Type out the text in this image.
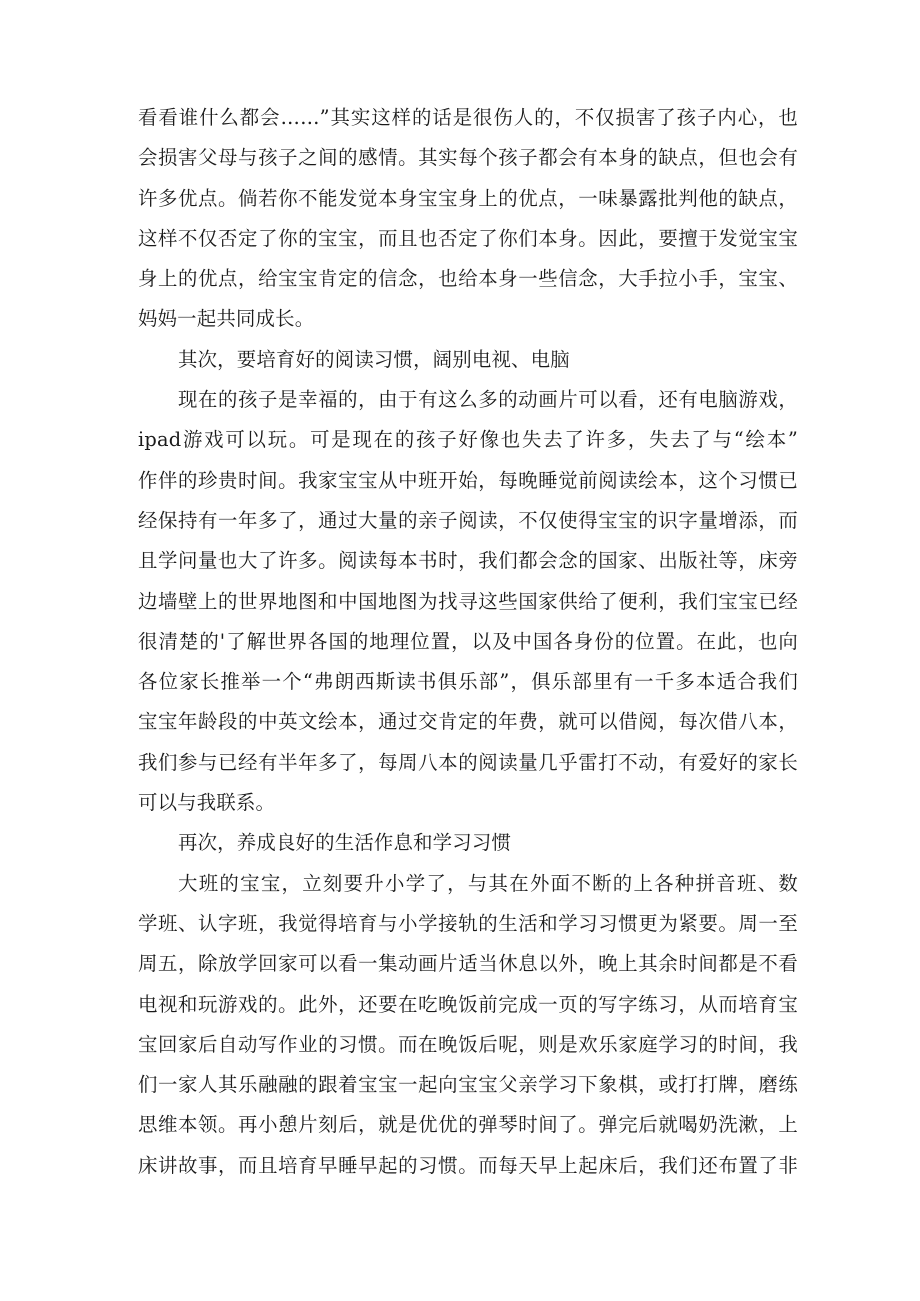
看看谁什么都会……”其实这样的话是很伤人的，不仅损害了孩子内心，也
会损害父母与孩子之间的感情。其实每个孩子都会有本身的缺点，但也会有
许多优点。倘若你不能发觉本身宝宝身上的优点，一味暴露批判他的缺点，
这样不仅否定了你的宝宝，而且也否定了你们本身。因此，要擅于发觉宝宝
身上的优点，给宝宝肯定的信念，也给本身一些信念，大手拉小手，宝宝、
妈妈一起共同成长。
其次，要培育好的阅读习惯，阔别电视、电脑
现在的孩子是幸福的，由于有这么多的动画片可以看，还有电脑游戏，
ipad游戏可以玩。可是现在的孩子好像也失去了许多，失去了与“绘本”
作伴的珍贵时间。我家宝宝从中班开始，每晚睡觉前阅读绘本，这个习惯已
经保持有一年多了，通过大量的亲子阅读，不仅使得宝宝的识字量增添，而
且学问量也大了许多。阅读每本书时，我们都会念的国家、出版社等，床旁
边墙壁上的世界地图和中国地图为找寻这些国家供给了便利，我们宝宝已经
很清楚的'了解世界各国的地理位置，以及中国各身份的位置。在此，也向
各位家长推举一个“弗朗西斯读书俱乐部”，俱乐部里有一千多本适合我们
宝宝年龄段的中英文绘本，通过交肯定的年费，就可以借阅，每次借八本，
我们参与已经有半年多了，每周八本的阅读量几乎雷打不动，有爱好的家长
可以与我联系。
再次，养成良好的生活作息和学习习惯
大班的宝宝，立刻要升小学了，与其在外面不断的上各种拼音班、数
学班、认字班，我觉得培育与小学接轨的生活和学习习惯更为紧要。周一至
周五，除放学回家可以看一集动画片适当休息以外，晚上其余时间都是不看
电视和玩游戏的。此外，还要在吃晚饭前完成一页的写字练习，从而培育宝
宝回家后自动写作业的习惯。而在晚饭后呢，则是欢乐家庭学习的时间，我
们一家人其乐融融的跟着宝宝一起向宝宝父亲学习下象棋，或打打牌，磨练
思维本领。再小憩片刻后，就是优优的弹琴时间了。弹完后就喝奶洗漱，上
床讲故事，而且培育早睡早起的习惯。而每天早上起床后，我们还布置了非
